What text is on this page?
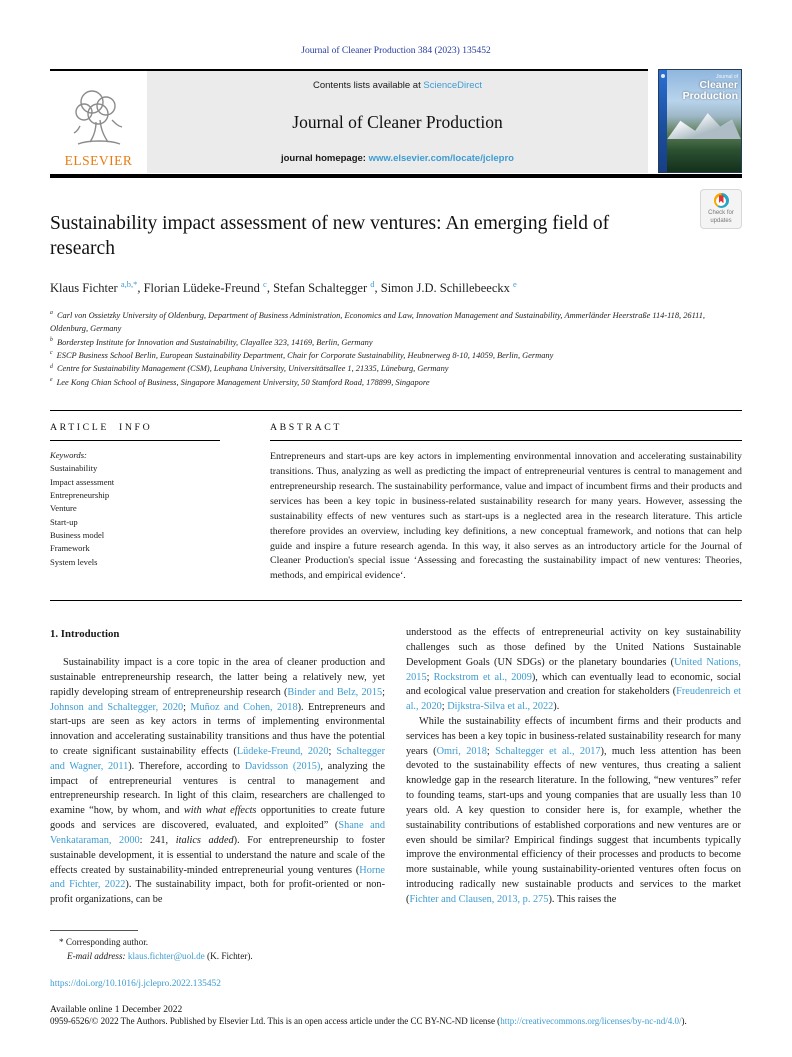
Journal of Cleaner Production 384 (2023) 135452
ELSEVIER
Contents lists available at ScienceDirect
Journal of Cleaner Production
journal homepage: www.elsevier.com/locate/jclepro
Journal of
Cleaner
Production
Sustainability impact assessment of new ventures: An emerging field of research
Check for updates
Klaus Fichter $^{a,b,*}$, Florian Lüdeke-Freund $^c$, Stefan Schaltegger $^d$, Simon J.D. Schillebeeckx $^e$
$^a$ Carl von Ossietzky University of Oldenburg, Department of Business Administration, Economics and Law, Innovation Management and Sustainability, Ammerländer Heerstraße 114-118, 26111, Oldenburg, Germany
$^b$ Borderstep Institute for Innovation and Sustainability, Clayallee 323, 14169, Berlin, Germany
$^c$ ESCP Business School Berlin, European Sustainability Department, Chair for Corporate Sustainability, Heubnerweg 8-10, 14059, Berlin, Germany
$^d$ Centre for Sustainability Management (CSM), Leuphana University, Universitätsallee 1, 21335, Lüneburg, Germany
$^e$ Lee Kong Chian School of Business, Singapore Management University, 50 Stamford Road, 178899, Singapore
ARTICLE INFO
Keywords:
Sustainability
Impact assessment
Entrepreneurship
Venture
Start-up
Business model
Framework
System levels
ABSTRACT
Entrepreneurs and start-ups are key actors in implementing environmental innovation and accelerating sustainability transitions. Thus, analyzing as well as predicting the impact of entrepreneurial ventures is central to management and entrepreneurship research. The sustainability performance, value and impact of incumbent firms and their products and services has been a key topic in business-related sustainability research for many years. However, assessing the sustainability effects of new ventures such as start-ups is a neglected area in the research literature. This article therefore provides an overview, including key definitions, a new conceptual framework, and notions that can help guide and inspire a future research agenda. In this way, it also serves as an introductory article for the Journal of Cleaner Production's special issue ‘Assessing and forecasting the sustainability impact of new ventures: Theories, methods, and empirical evidence‘.
1. Introduction
Sustainability impact is a core topic in the area of cleaner production and sustainable entrepreneurship research, the latter being a relatively new, yet rapidly developing stream of entrepreneurship research (Binder and Belz, 2015; Johnson and Schaltegger, 2020; Muñoz and Cohen, 2018). Entrepreneurs and start-ups are seen as key actors in terms of implementing environmental innovation and accelerating sustainability transitions and thus have the potential to create significant sustainability effects (Lüdeke-Freund, 2020; Schaltegger and Wagner, 2011). Therefore, according to Davidsson (2015), analyzing the impact of entrepreneurial ventures is central to management and entrepreneurship research. In light of this claim, researchers are challenged to examine “how, by whom, and with what effects opportunities to create future goods and services are discovered, evaluated, and exploited” (Shane and Venkataraman, 2000: 241, italics added). For entrepreneurship to foster sustainable development, it is essential to understand the nature and scale of the effects created by sustainability-minded entrepreneurial young ventures (Horne and Fichter, 2022). The sustainability impact, both for profit-oriented or non-profit organizations, can be
understood as the effects of entrepreneurial activity on key sustainability challenges such as those defined by the United Nations Sustainable Development Goals (UN SDGs) or the planetary boundaries (United Nations, 2015; Rockstrom et al., 2009), which can eventually lead to economic, social and ecological value preservation and creation for stakeholders (Freudenreich et al., 2020; Dijkstra-Silva et al., 2022).
While the sustainability effects of incumbent firms and their products and services has been a key topic in business-related sustainability research for many years (Omri, 2018; Schaltegger et al., 2017), much less attention has been devoted to the sustainability effects of new ventures, thus creating a salient knowledge gap in the research literature. In the following, “new ventures” refer to founding teams, start-ups and young companies that are usually less than 10 years old. A key question to consider here is, for example, whether the sustainability contributions of established corporations and new ventures are or even should be similar? Empirical findings suggest that incumbents typically improve the environmental efficiency of their processes and products to become more sustainable, while young sustainability-oriented ventures often focus on introducing radically new sustainable products and services to the market (Fichter and Clausen, 2013, p. 275). This raises the
* Corresponding author.
E-mail address: klaus.fichter@uol.de (K. Fichter).
https://doi.org/10.1016/j.jclepro.2022.135452
Available online 1 December 2022
0959-6526/© 2022 The Authors. Published by Elsevier Ltd. This is an open access article under the CC BY-NC-ND license (http://creativecommons.org/licenses/by-nc-nd/4.0/).
